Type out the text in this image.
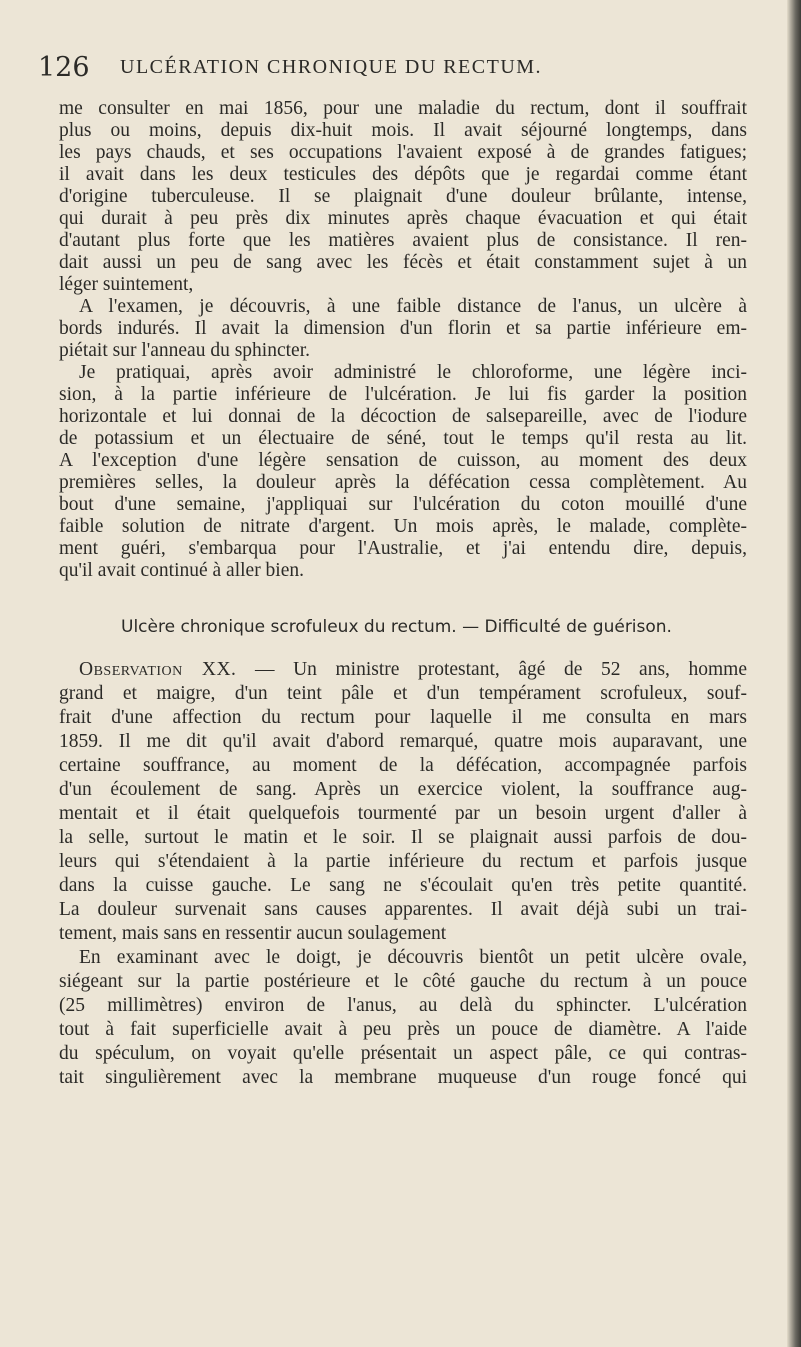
126 ULCÉRATION CHRONIQUE DU RECTUM.
me consulter en mai 1856, pour une maladie du rectum, dont il souffrait
plus ou moins, depuis dix-huit mois. Il avait séjourné longtemps, dans
les pays chauds, et ses occupations l'avaient exposé à de grandes fatigues;
il avait dans les deux testicules des dépôts que je regardai comme étant
d'origine tuberculeuse. Il se plaignait d'une douleur brûlante, intense,
qui durait à peu près dix minutes après chaque évacuation et qui était
d'autant plus forte que les matières avaient plus de consistance. Il ren-
dait aussi un peu de sang avec les fécès et était constamment sujet à un
léger suintement,
A l'examen, je découvris, à une faible distance de l'anus, un ulcère à
bords indurés. Il avait la dimension d'un florin et sa partie inférieure em-
piétait sur l'anneau du sphincter.
Je pratiquai, après avoir administré le chloroforme, une légère inci-
sion, à la partie inférieure de l'ulcération. Je lui fis garder la position
horizontale et lui donnai de la décoction de salsepareille, avec de l'iodure
de potassium et un électuaire de séné, tout le temps qu'il resta au lit.
A l'exception d'une légère sensation de cuisson, au moment des deux
premières selles, la douleur après la défécation cessa complètement. Au
bout d'une semaine, j'appliquai sur l'ulcération du coton mouillé d'une
faible solution de nitrate d'argent. Un mois après, le malade, complète-
ment guéri, s'embarqua pour l'Australie, et j'ai entendu dire, depuis,
qu'il avait continué à aller bien.
Ulcère chronique scrofuleux du rectum. — Difficulté de guérison.
Observation XX. — Un ministre protestant, âgé de 52 ans, homme
grand et maigre, d'un teint pâle et d'un tempérament scrofuleux, souf-
frait d'une affection du rectum pour laquelle il me consulta en mars
1859. Il me dit qu'il avait d'abord remarqué, quatre mois auparavant, une
certaine souffrance, au moment de la défécation, accompagnée parfois
d'un écoulement de sang. Après un exercice violent, la souffrance aug-
mentait et il était quelquefois tourmenté par un besoin urgent d'aller à
la selle, surtout le matin et le soir. Il se plaignait aussi parfois de dou-
leurs qui s'étendaient à la partie inférieure du rectum et parfois jusque
dans la cuisse gauche. Le sang ne s'écoulait qu'en très petite quantité.
La douleur survenait sans causes apparentes. Il avait déjà subi un trai-
tement, mais sans en ressentir aucun soulagement
En examinant avec le doigt, je découvris bientôt un petit ulcère ovale,
siégeant sur la partie postérieure et le côté gauche du rectum à un pouce
(25 millimètres) environ de l'anus, au delà du sphincter. L'ulcération
tout à fait superficielle avait à peu près un pouce de diamètre. A l'aide
du spéculum, on voyait qu'elle présentait un aspect pâle, ce qui contras-
tait singulièrement avec la membrane muqueuse d'un rouge foncé qui
